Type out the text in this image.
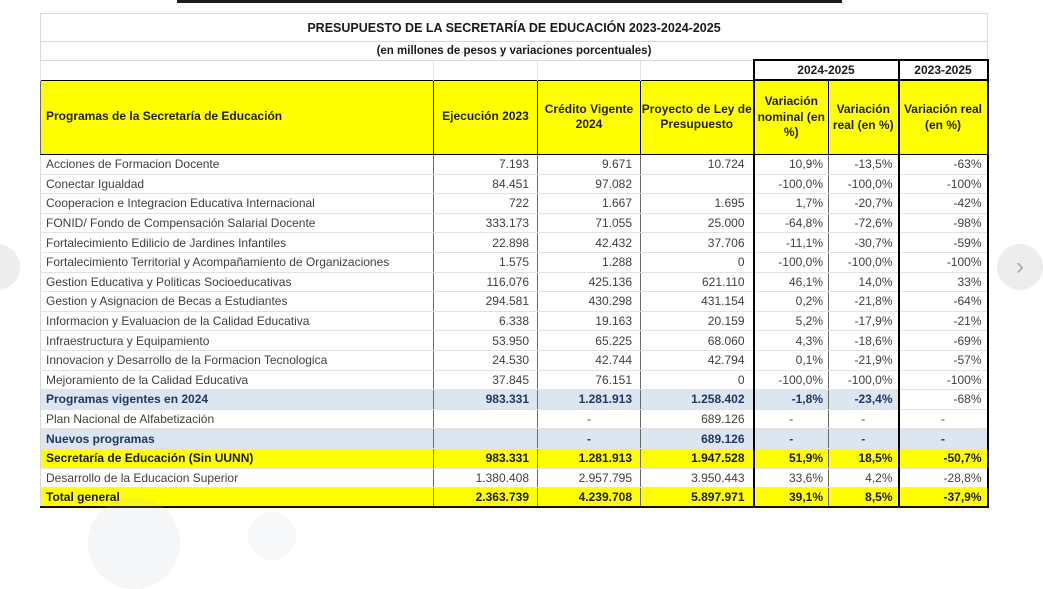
PRESUPUESTO DE LA SECRETARÍA DE EDUCACIÓN 2023-2024-2025						
(en millones de pesos y variaciones porcentuales)						
				2024-2025		2023-2025
Programas de la Secretaría de Educación	Ejecución 2023	Crédito Vigente 2024	Proyecto de Ley de Presupuesto	Variación nominal (en %)	Variación real (en %)	Variación real (en %)
Acciones de Formacion Docente	7.193	9.671	10.724	10,9%	-13,5%	-63%
Conectar Igualdad	84.451	97.082		-100,0%	-100,0%	-100%
Cooperacion e Integracion Educativa Internacional	722	1.667	1.695	1,7%	-20,7%	-42%
FONID/ Fondo de Compensación Salarial Docente	333.173	71.055	25.000	-64,8%	-72,6%	-98%
Fortalecimiento Edilicio de Jardines Infantiles	22.898	42.432	37.706	-11,1%	-30,7%	-59%
Fortalecimiento Territorial y Acompañamiento de Organizaciones	1.575	1.288	0	-100,0%	-100,0%	-100%
Gestion Educativa y Politicas Socioeducativas	116.076	425.136	621.110	46,1%	14,0%	33%
Gestion y Asignacion de Becas a Estudiantes	294.581	430.298	431.154	0,2%	-21,8%	-64%
Informacion y Evaluacion de la Calidad Educativa	6.338	19.163	20.159	5,2%	-17,9%	-21%
Infraestructura y Equipamiento	53.950	65.225	68.060	4,3%	-18,6%	-69%
Innovacion y Desarrollo de la Formacion Tecnologica	24.530	42.744	42.794	0,1%	-21,9%	-57%
Mejoramiento de la Calidad Educativa	37.845	76.151	0	-100,0%	-100,0%	-100%
Programas vigentes en 2024	983.331	1.281.913	1.258.402	-1,8%	-23,4%	-68%
Plan Nacional de Alfabetización		-	689.126	-	-	-
Nuevos programas		-	689.126	-	-	-
Secretaría de Educación (Sin UUNN)	983.331	1.281.913	1.947.528	51,9%	18,5%	-50,7%
Desarrollo de la Educacion Superior	1.380.408	2.957.795	3.950.443	33,6%	4,2%	-28,8%
Total general	2.363.739	4.239.708	5.897.971	39,1%	8,5%	-37,9%
›
